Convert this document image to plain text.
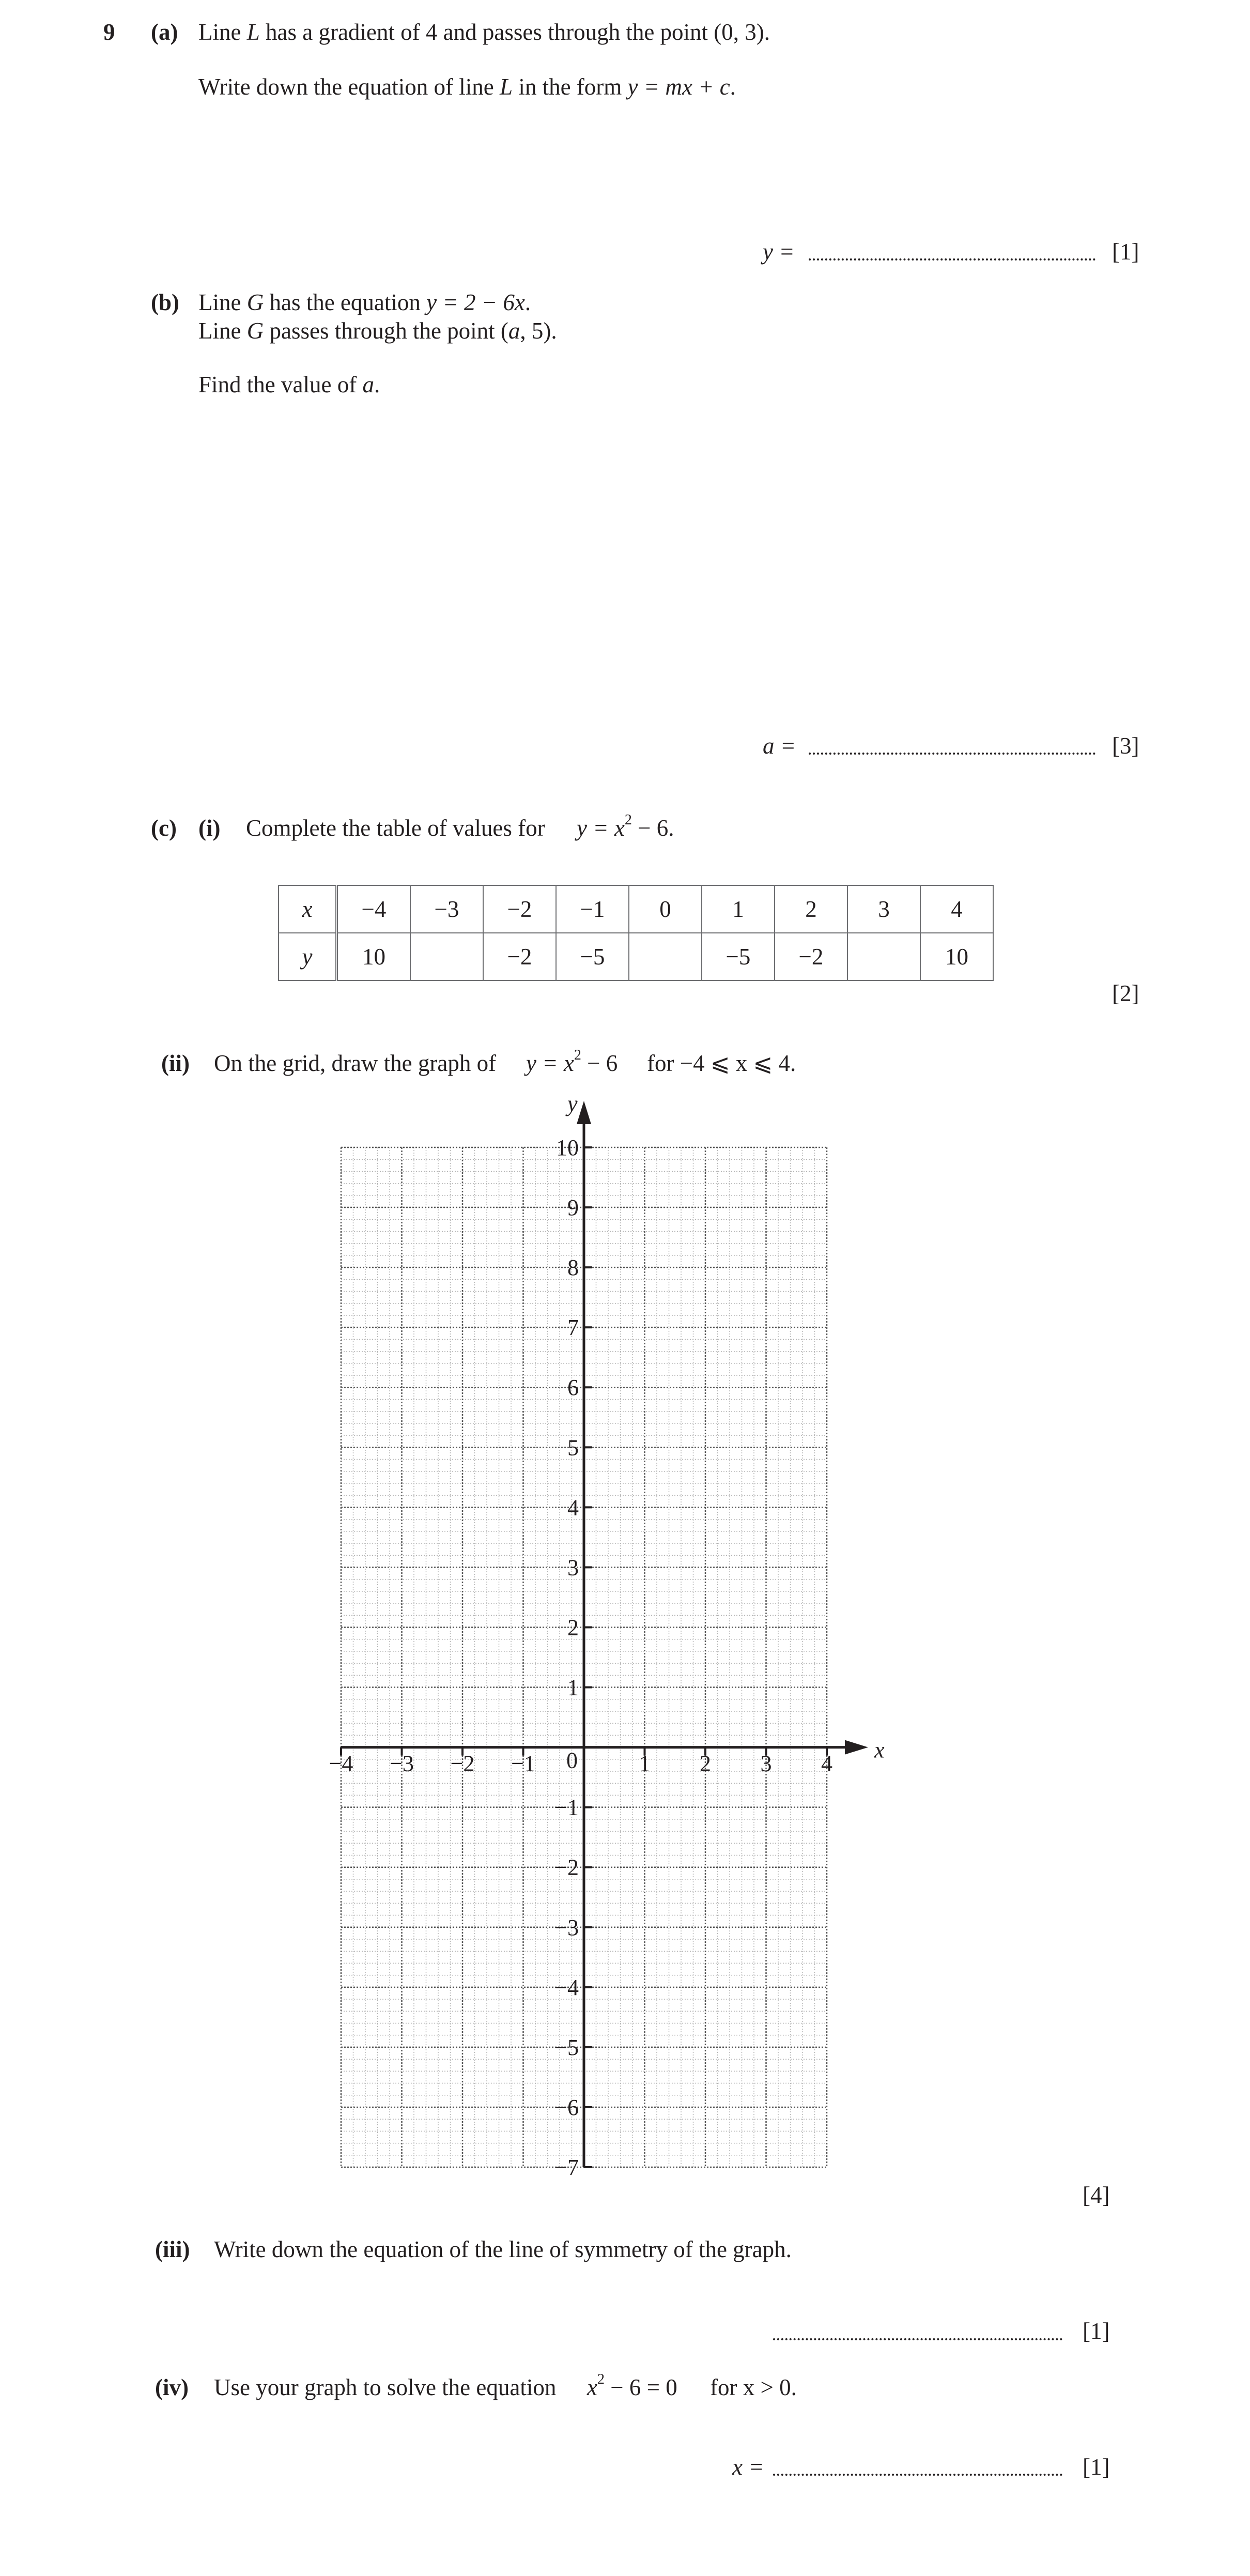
9 (a) Line L has a gradient of 4 and passes through the point (0, 3).
Write down the equation of line L in the form y = mx + c.
y =	[1]
(b) Line G has the equation y = 2 − 6x.
Line G passes through the point (a, 5).
Find the value of a.
a =	[3]
(c) (i) Complete the table of values for $y = x^2 - 6$.
x	−4	−3	−2	−1	0	1	2	3	4
y	10		−2	−5		−5	−2		10
[2]
(ii) On the grid, draw the graph of $y = x^2 - 6$ for −4 ⩽ x ⩽ 4.
y
x
10
9
8
7
6
5
4
3
2
1
−1
−2
−3
−4
−5
−6
−7
−4 −3 −2 −1	1 2 3 4
0
[4]
(iii) Write down the equation of the line of symmetry of the graph.
[1]
(iv) Use your graph to solve the equation $x^2 - 6 = 0$ for x > 0.
x =	[1]
